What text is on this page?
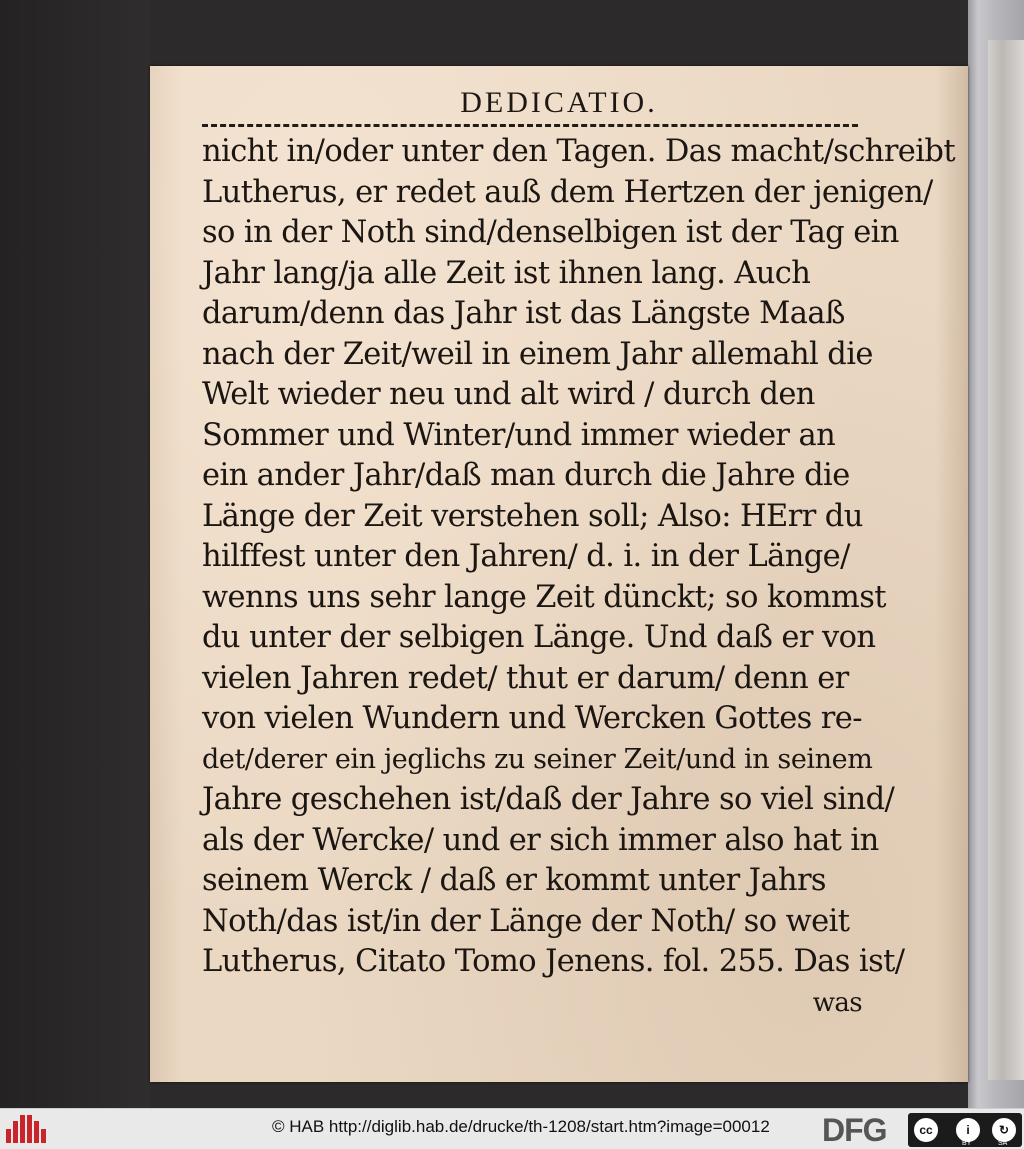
DEDICATIO.
nicht in/oder unter den Tagen. Das macht/schreibt
Lutherus, er redet auß dem Hertzen der jenigen/
so in der Noth sind/denselbigen ist der Tag ein
Jahr lang/ja alle Zeit ist ihnen lang. Auch
darum/denn das Jahr ist das Längste Maaß
nach der Zeit/weil in einem Jahr allemahl die
Welt wieder neu und alt wird / durch den
Sommer und Winter/und immer wieder an
ein ander Jahr/daß man durch die Jahre die
Länge der Zeit verstehen soll; Also: HErr du
hilffest unter den Jahren/ d. i. in der Länge/
wenns uns sehr lange Zeit dünckt; so kommst
du unter der selbigen Länge. Und daß er von
vielen Jahren redet/ thut er darum/ denn er
von vielen Wundern und Wercken Gottes re-
det/derer ein jeglichs zu seiner Zeit/und in seinem
Jahre geschehen ist/daß der Jahre so viel sind/
als der Wercke/ und er sich immer also hat in
seinem Werck / daß er kommt unter Jahrs
Noth/das ist/in der Länge der Noth/ so weit
Lutherus, Citato Tomo Jenens. fol. 255. Das ist/
was
© HAB http://diglib.hab.de/drucke/th-1208/start.htm?image=00012 DFG	cc	i	↻
BY	SA
